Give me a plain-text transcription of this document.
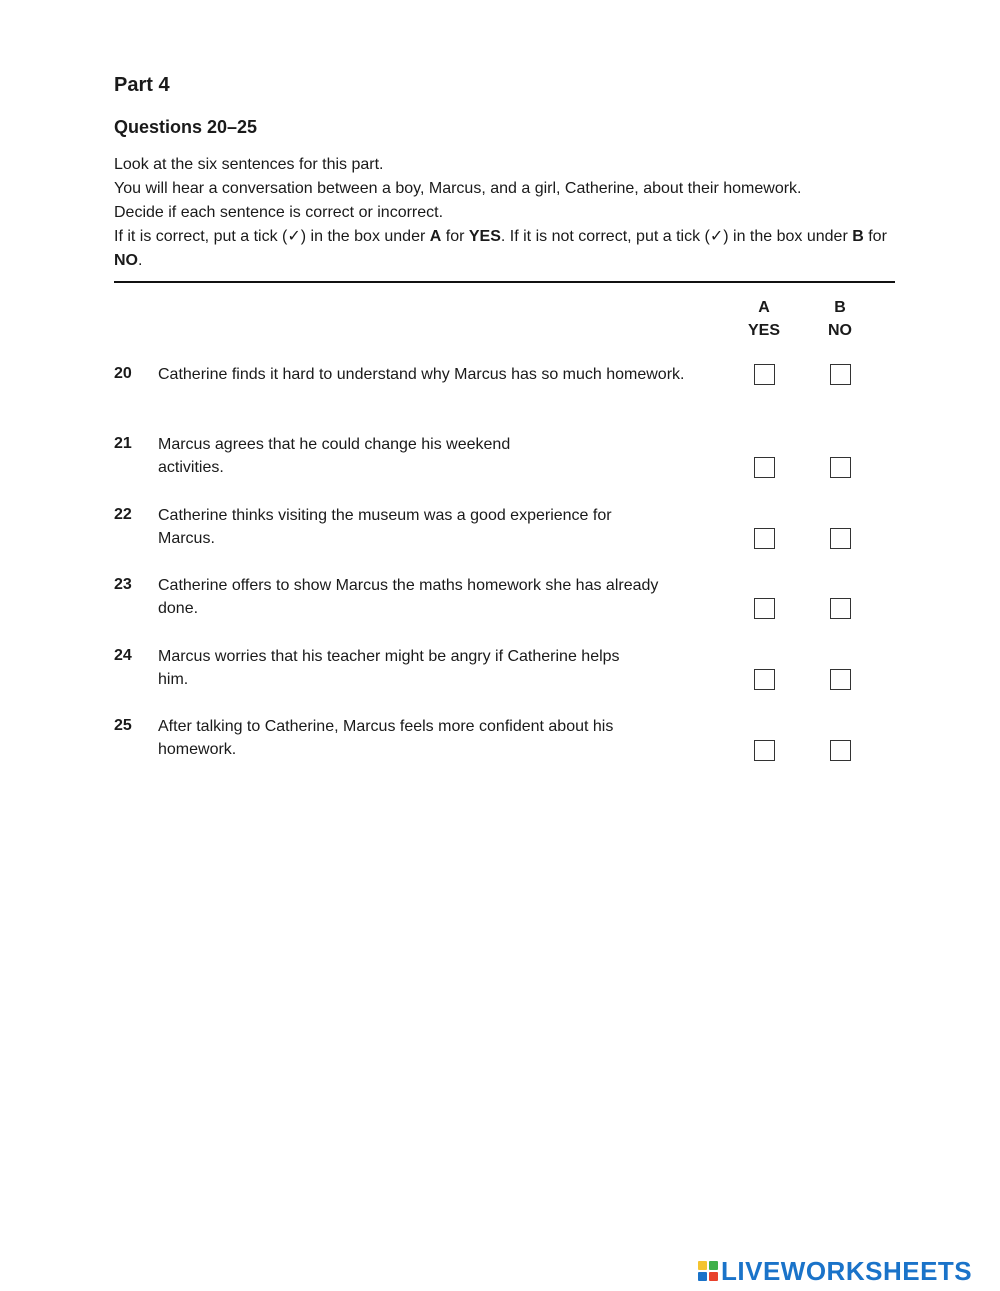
Part 4
Questions 20–25

Look at the six sentences for this part.

You will hear a conversation between a boy, Marcus, and a girl, Catherine, about their homework.

Decide if each sentence is correct or incorrect.

If it is correct, put a tick (✓) in the box under A for YES. If it is not correct, put a tick (✓) in the box under B for NO.

A
YES
B
NO
20 Catherine finds it hard to understand why Marcus has so much homework.
21 Marcus agrees that he could change his weekend activities.
22 Catherine thinks visiting the museum was a good experience for Marcus.
23 Catherine offers to show Marcus the maths homework she has already done.
24 Marcus worries that his teacher might be angry if Catherine helps him.
25 After talking to Catherine, Marcus feels more confident about his homework.
LIVEWORKSHEETS
